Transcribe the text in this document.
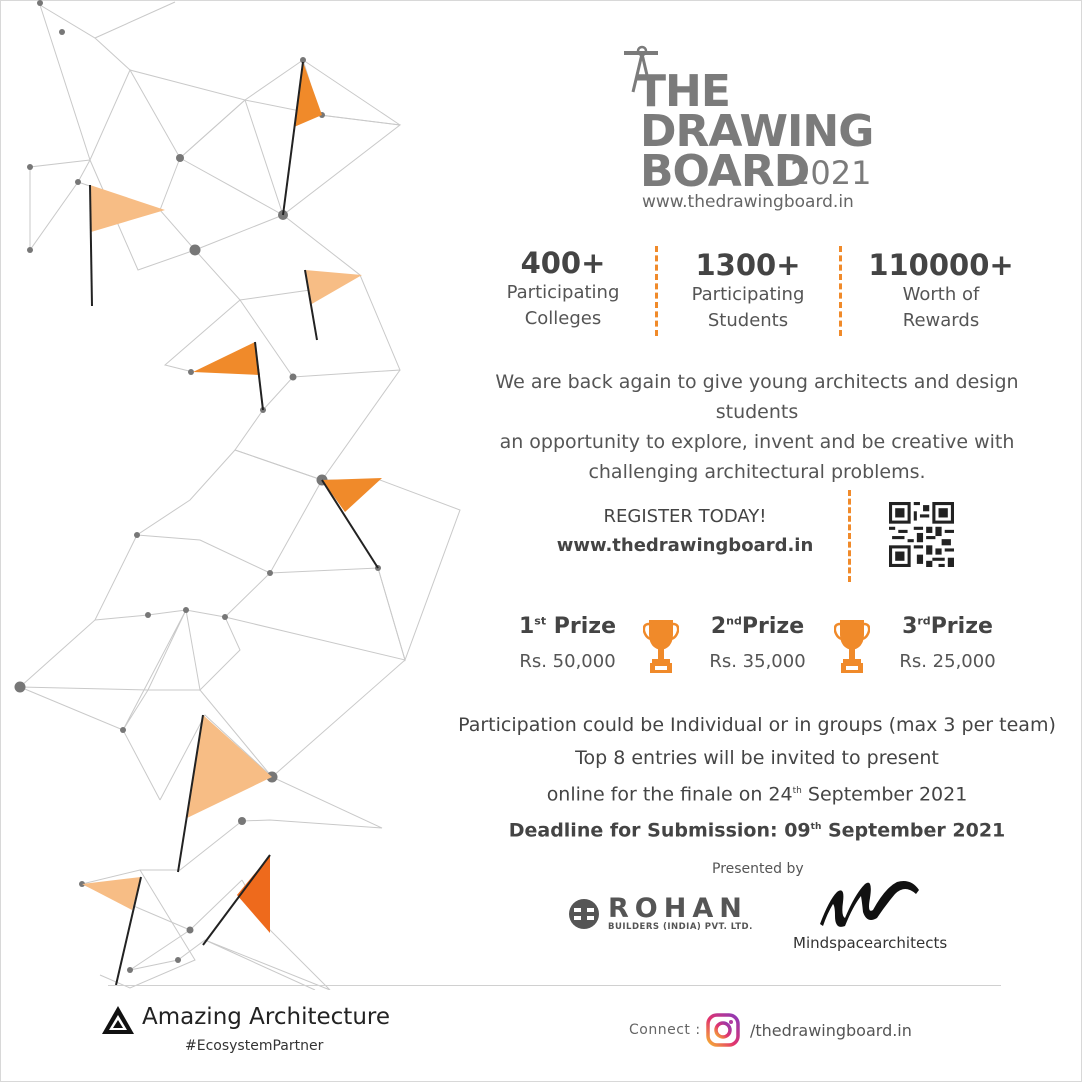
THE
DRAWING
BOARD
2021
www.thedrawingboard.in
400+
Participating
Colleges
1300+
Participating
Students
110000+
Worth of
Rewards
We are back again to give young architects and design students
an opportunity to explore, invent and be creative with
challenging architectural problems.
REGISTER TODAY!
www.thedrawingboard.in
1st Prize
Rs. 50,000
2ndPrize
Rs. 35,000
3rdPrize
Rs. 25,000
Participation could be Individual or in groups (max 3 per team)
Top 8 entries will be invited to present
online for the finale on 24th September 2021
Deadline for Submission: 09th September 2021
Presented by
ROHAN
BUILDERS (INDIA) PVT. LTD.
Mindspacearchitects
Amazing Architecture
#EcosystemPartner
Connect :	/thedrawingboard.in
